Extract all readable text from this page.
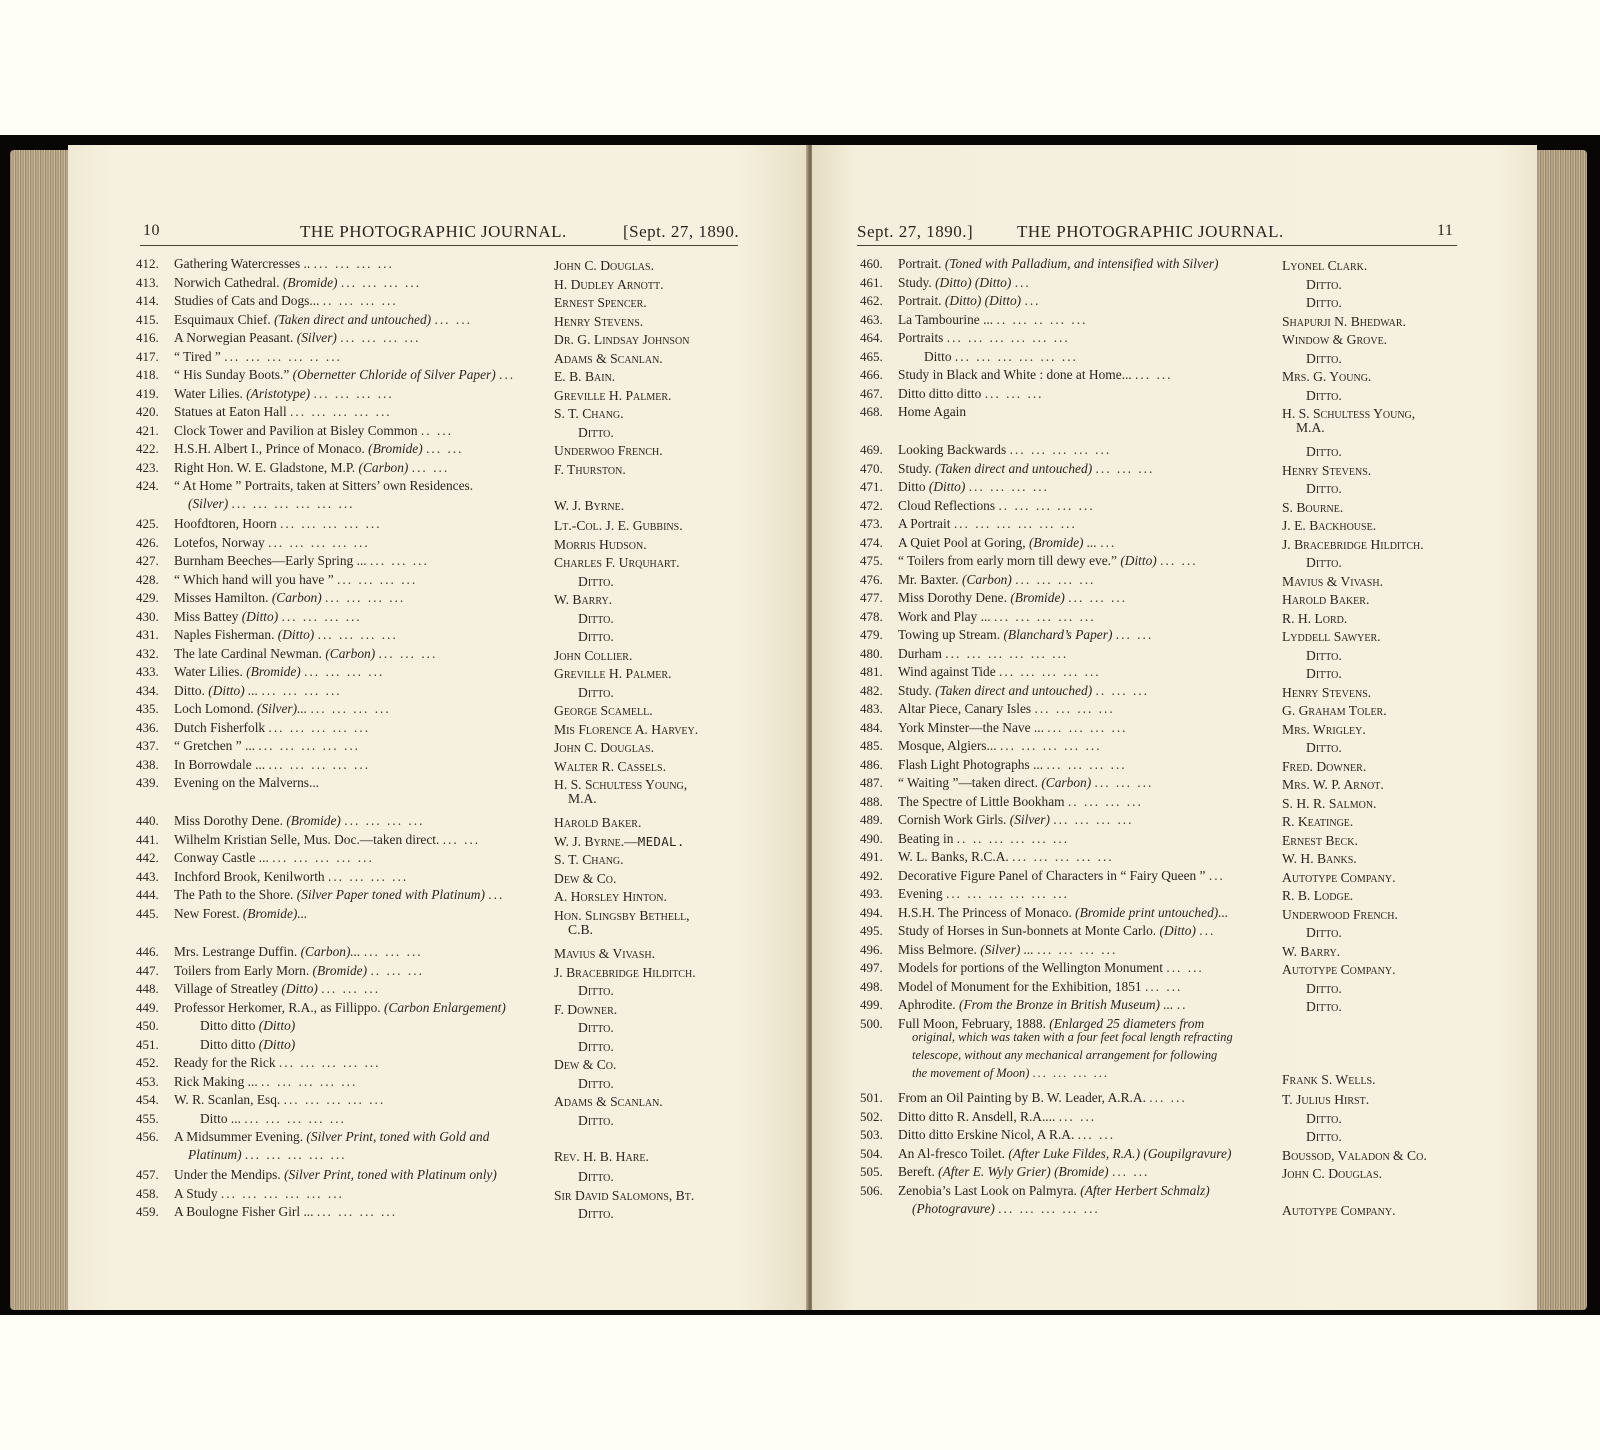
10	THE PHOTOGRAPHIC JOURNAL.	[Sept. 27, 1890.
412. Gathering Watercresses .. ... ... ... ...	John C. Douglas.
413. Norwich Cathedral. (Bromide) ... ... ... ...	H. Dudley Arnott.
414. Studies of Cats and Dogs... .. ... ... ...	Ernest Spencer.
415. Esquimaux Chief. (Taken direct and untouched) ... ...	Henry Stevens.
416. A Norwegian Peasant. (Silver) ... ... ... ...	Dr. G. Lindsay Johnson
417. “ Tired ” ... ... ... ... .. ...	Adams & Scanlan.
418. “ His Sunday Boots.” (Obernetter Chloride of Silver Paper) ...	E. B. Bain.
419. Water Lilies. (Aristotype) ... ... ... ...	Greville H. Palmer.
420. Statues at Eaton Hall ... ... ... ... ...	S. T. Chang.
421. Clock Tower and Pavilion at Bisley Common .. ...	Ditto.
422. H.S.H. Albert I., Prince of Monaco. (Bromide) ... ...	Underwoo French.
423. Right Hon. W. E. Gladstone, M.P. (Carbon) ... ...	F. Thurston.
424. “ At Home ” Portraits, taken at Sitters’ own Residences.
(Silver) ... ... ... ... ... ...	W. J. Byrne.
425. Hoofdtoren, Hoorn ... ... ... ... ...	Lt.-Col. J. E. Gubbins.
426. Lotefos, Norway ... ... ... ... ...	Morris Hudson.
427. Burnham Beeches—Early Spring ... ... ... ...	Charles F. Urquhart.
428. “ Which hand will you have ” ... ... ... ...	Ditto.
429. Misses Hamilton. (Carbon) ... ... ... ...	W. Barry.
430. Miss Battey (Ditto) ... ... ... ...	Ditto.
431. Naples Fisherman. (Ditto) ... ... ... ...	Ditto.
432. The late Cardinal Newman. (Carbon) ... ... ...	John Collier.
433. Water Lilies. (Bromide) ... ... ... ...	Greville H. Palmer.
434. Ditto. (Ditto) ... ... ... ... ...	Ditto.
435. Loch Lomond. (Silver)... ... ... ... ...	George Scamell.
436. Dutch Fisherfolk ... ... ... ... ...	Mis Florence A. Harvey.
437. “ Gretchen ” ... ... ... ... ... ...	John C. Douglas.
438. In Borrowdale ... ... ... ... ... ...	Walter R. Cassels.
439. Evening on the Malverns...	H. S. Schultess Young,
M.A.
440. Miss Dorothy Dene. (Bromide) ... ... ... ...	Harold Baker.
441. Wilhelm Kristian Selle, Mus. Doc.—taken direct. ... ...	W. J. Byrne.—MEDAL.
442. Conway Castle ... ... ... ... ... ...	S. T. Chang.
443. Inchford Brook, Kenilworth ... ... ... ...	Dew & Co.
444. The Path to the Shore. (Silver Paper toned with Platinum) ...	A. Horsley Hinton.
445. New Forest. (Bromide)...	Hon. Slingsby Bethell,
C.B.
446. Mrs. Lestrange Duffin. (Carbon)... ... ... ...	Mavius & Vivash.
447. Toilers from Early Morn. (Bromide) .. ... ...	J. Bracebridge Hilditch.
448. Village of Streatley (Ditto) ... ... ...	Ditto.
449. Professor Herkomer, R.A., as Fillippo. (Carbon Enlargement)	F. Downer.
450.	Ditto ditto (Ditto)	Ditto.
451.	Ditto ditto (Ditto)	Ditto.
452. Ready for the Rick ... ... ... ... ...	Dew & Co.
453. Rick Making ... .. ... ... ... ...	Ditto.
454. W. R. Scanlan, Esq. ... ... ... ... ...	Adams & Scanlan.
455.	Ditto ... ... ... ... ... ...	Ditto.
456. A Midsummer Evening. (Silver Print, toned with Gold and
Platinum) ... ... ... ... ...	Rev. H. B. Hare.
457. Under the Mendips. (Silver Print, toned with Platinum only)	Ditto.
458. A Study ... ... ... ... ... ...	Sir David Salomons, Bt.
459. A Boulogne Fisher Girl ... ... ... ... ...	Ditto.
Sept. 27, 1890.]	THE PHOTOGRAPHIC JOURNAL.	11
460. Portrait. (Toned with Palladium, and intensified with Silver)	Lyonel Clark.
461. Study. (Ditto) (Ditto) ...	Ditto.
462. Portrait. (Ditto) (Ditto) ...	Ditto.
463. La Tambourine ... .. ... .. ... ...	Shapurji N. Bhedwar.
464. Portraits ... ... ... ... ... ...	Window & Grove.
465.	Ditto ... ... ... ... ... ...	Ditto.
466. Study in Black and White : done at Home... ... ...	Mrs. G. Young.
467. Ditto ditto ditto ... ... ...	Ditto.
468. Home Again	H. S. Schultess Young,
M.A.
469. Looking Backwards ... ... ... ... ...	Ditto.
470. Study. (Taken direct and untouched) ... ... ...	Henry Stevens.
471. Ditto (Ditto) ... ... ... ...	Ditto.
472. Cloud Reflections .. ... ... ... ...	S. Bourne.
473. A Portrait ... ... ... ... ... ...	J. E. Backhouse.
474. A Quiet Pool at Goring, (Bromide) ... ...	J. Bracebridge Hilditch.
475. “ Toilers from early morn till dewy eve.” (Ditto) ... ...	Ditto.
476. Mr. Baxter. (Carbon) ... ... ... ...	Mavius & Vivash.
477. Miss Dorothy Dene. (Bromide) ... ... ...	Harold Baker.
478. Work and Play ... ... ... ... ... ...	R. H. Lord.
479. Towing up Stream. (Blanchard’s Paper) ... ...	Lyddell Sawyer.
480. Durham ... ... ... ... ... ...	Ditto.
481. Wind against Tide ... ... ... ... ...	Ditto.
482. Study. (Taken direct and untouched) .. ... ...	Henry Stevens.
483. Altar Piece, Canary Isles ... ... ... ...	G. Graham Toler.
484. York Minster—the Nave ... ... ... ... ...	Mrs. Wrigley.
485. Mosque, Algiers... ... ... ... ... ...	Ditto.
486. Flash Light Photographs ... ... ... ... ...	Fred. Downer.
487. “ Waiting ”—taken direct. (Carbon) ... ... ...	Mrs. W. P. Arnot.
488. The Spectre of Little Bookham .. ... ... ...	S. H. R. Salmon.
489. Cornish Work Girls. (Silver) ... ... ... ...	R. Keatinge.
490. Beating in .. .. ... ... ... ...	Ernest Beck.
491. W. L. Banks, R.C.A. ... ... ... ... ...	W. H. Banks.
492. Decorative Figure Panel of Characters in “ Fairy Queen ” ...	Autotype Company.
493. Evening ... ... ... ... ... ...	R. B. Lodge.
494. H.S.H. The Princess of Monaco. (Bromide print untouched)...	Underwood French.
495. Study of Horses in Sun-bonnets at Monte Carlo. (Ditto) ...	Ditto.
496. Miss Belmore. (Silver) ... ... ... ... ...	W. Barry.
497. Models for portions of the Wellington Monument ... ...	Autotype Company.
498. Model of Monument for the Exhibition, 1851 ... ...	Ditto.
499. Aphrodite. (From the Bronze in British Museum) ... ..	Ditto.
500. Full Moon, February, 1888. (Enlarged 25 diameters from
original, which was taken with a four feet focal length refracting
telescope, without any mechanical arrangement for following
the movement of Moon) ... ... ... ...	Frank S. Wells.
501. From an Oil Painting by B. W. Leader, A.R.A. ... ...	T. Julius Hirst.
502. Ditto ditto R. Ansdell, R.A.... ... ...	Ditto.
503. Ditto ditto Erskine Nicol, A R.A. ... ...	Ditto.
504. An Al-fresco Toilet. (After Luke Fildes, R.A.) (Goupilgravure)	Boussod, Valadon & Co.
505. Bereft. (After E. Wyly Grier) (Bromide) ... ...	John C. Douglas.
506. Zenobia’s Last Look on Palmyra. (After Herbert Schmalz)
(Photogravure) ... ... ... ... ...	Autotype Company.
